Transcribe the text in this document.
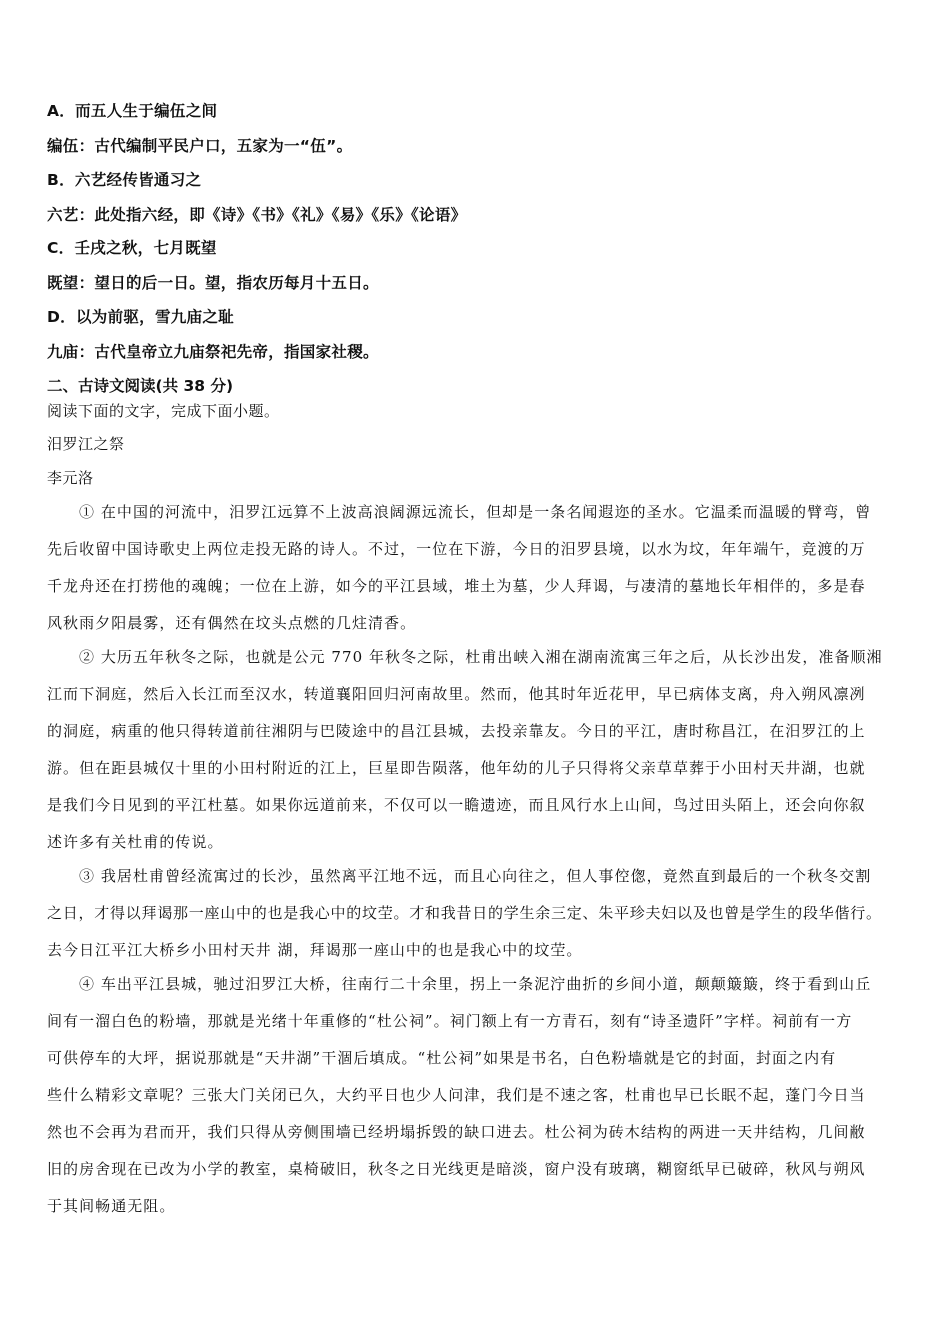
A．而五人生于编伍之间
编伍：古代编制平民户口，五家为一“伍”。
B．六艺经传皆通习之
六艺：此处指六经，即《诗》《书》《礼》《易》《乐》《论语》
C．壬戌之秋，七月既望
既望：望日的后一日。望，指农历每月十五日。
D．以为前驱，雪九庙之耻
九庙：古代皇帝立九庙祭祀先帝，指国家社稷。
二、古诗文阅读(共 38 分)
阅读下面的文字，完成下面小题。
汨罗江之祭
李元洛
① 在中国的河流中，汨罗江远算不上波高浪阔源远流长，但却是一条名闻遐迩的圣水。它温柔而温暖的臂弯，曾
先后收留中国诗歌史上两位走投无路的诗人。不过，一位在下游，今日的汨罗县境，以水为坟，年年端午，竞渡的万
千龙舟还在打捞他的魂魄；一位在上游，如今的平江县域，堆土为墓，少人拜谒，与凄清的墓地长年相伴的，多是春
风秋雨夕阳晨雾，还有偶然在坟头点燃的几炷清香。
② 大历五年秋冬之际，也就是公元 770 年秋冬之际，杜甫出峡入湘在湖南流寓三年之后，从长沙出发，准备顺湘
江而下洞庭，然后入长江而至汉水，转道襄阳回归河南故里。然而，他其时年近花甲，早已病体支离，舟入朔风凛冽
的洞庭，病重的他只得转道前往湘阴与巴陵途中的昌江县城，去投亲靠友。今日的平江，唐时称昌江，在汨罗江的上
游。但在距县城仅十里的小田村附近的江上，巨星即告陨落，他年幼的儿子只得将父亲草草葬于小田村天井湖，也就
是我们今日见到的平江杜墓。如果你远道前来，不仅可以一瞻遗迹，而且风行水上山间，鸟过田头陌上，还会向你叙
述许多有关杜甫的传说。
③ 我居杜甫曾经流寓过的长沙，虽然离平江地不远，而且心向往之，但人事倥偬，竟然直到最后的一个秋冬交割
之日，才得以拜谒那一座山中的也是我心中的坟茔。才和我昔日的学生余三定、朱平珍夫妇以及也曾是学生的段华偕行。
去今日江平江大桥乡小田村天井 湖，拜谒那一座山中的也是我心中的坟茔。
④ 车出平江县城，驰过汨罗江大桥，往南行二十余里，拐上一条泥泞曲折的乡间小道，颠颠簸簸，终于看到山丘
间有一溜白色的粉墙，那就是光绪十年重修的“杜公祠”。祠门额上有一方青石，刻有“诗圣遗阡”字样。祠前有一方
可供停车的大坪，据说那就是“天井湖”干涸后填成。“杜公祠”如果是书名，白色粉墙就是它的封面，封面之内有
些什么精彩文章呢？三张大门关闭已久，大约平日也少人问津，我们是不速之客，杜甫也早已长眠不起，蓬门今日当
然也不会再为君而开，我们只得从旁侧围墙已经坍塌拆毁的缺口进去。杜公祠为砖木结构的两进一天井结构，几间敝
旧的房舍现在已改为小学的教室，桌椅破旧，秋冬之日光线更是暗淡，窗户没有玻璃，糊窗纸早已破碎，秋风与朔风
于其间畅通无阻。
